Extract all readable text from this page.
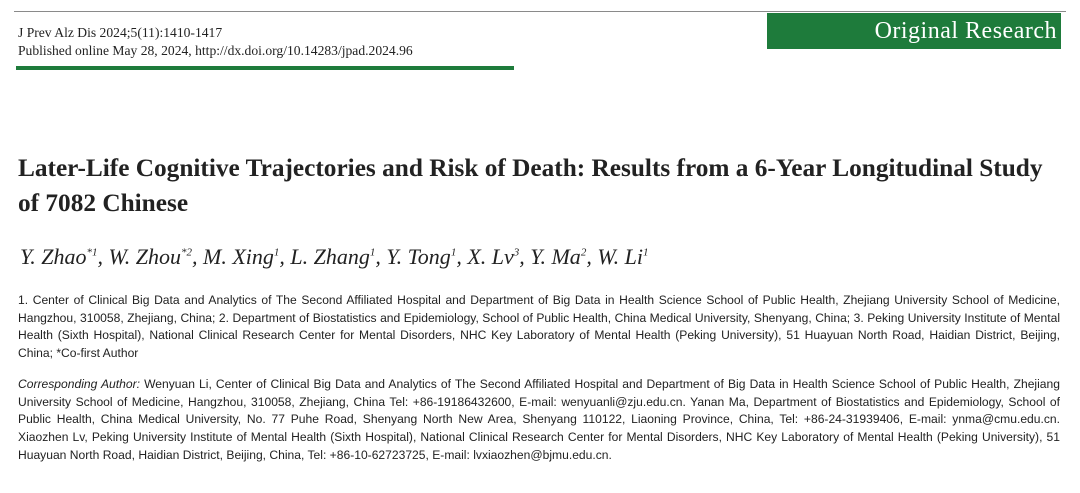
J Prev Alz Dis 2024;5(11):1410-1417
Published online May 28, 2024, http://dx.doi.org/10.14283/jpad.2024.96
Original Research
Later-Life Cognitive Trajectories and Risk of Death: Results from a 6-Year Longitudinal Study of 7082 Chinese
Y. Zhao$^{*1}$, W. Zhou$^{*2}$, M. Xing$^1$, L. Zhang$^1$, Y. Tong$^1$, X. Lv$^3$, Y. Ma$^2$, W. Li$^1$

1. Center of Clinical Big Data and Analytics of The Second Affiliated Hospital and Department of Big Data in Health Science School of Public Health, Zhejiang University School of Medicine, Hangzhou, 310058, Zhejiang, China; 2. Department of Biostatistics and Epidemiology, School of Public Health, China Medical University, Shenyang, China; 3. Peking University Institute of Mental Health (Sixth Hospital), National Clinical Research Center for Mental Disorders, NHC Key Laboratory of Mental Health (Peking University), 51 Huayuan North Road, Haidian District, Beijing, China; *Co-first Author

Corresponding Author: Wenyuan Li, Center of Clinical Big Data and Analytics of The Second Affiliated Hospital and Department of Big Data in Health Science School of Public Health, Zhejiang University School of Medicine, Hangzhou, 310058, Zhejiang, China Tel: +86-19186432600, E-mail: wenyuanli@zju.edu.cn. Yanan Ma, Department of Biostatistics and Epidemiology, School of Public Health, China Medical University, No. 77 Puhe Road, Shenyang North New Area, Shenyang 110122, Liaoning Province, China, Tel: +86-24-31939406, E-mail: ynma@cmu.edu.cn. Xiaozhen Lv, Peking University Institute of Mental Health (Sixth Hospital), National Clinical Research Center for Mental Disorders, NHC Key Laboratory of Mental Health (Peking University), 51 Huayuan North Road, Haidian District, Beijing, China, Tel: +86-10-62723725, E-mail: lvxiaozhen@bjmu.edu.cn.
